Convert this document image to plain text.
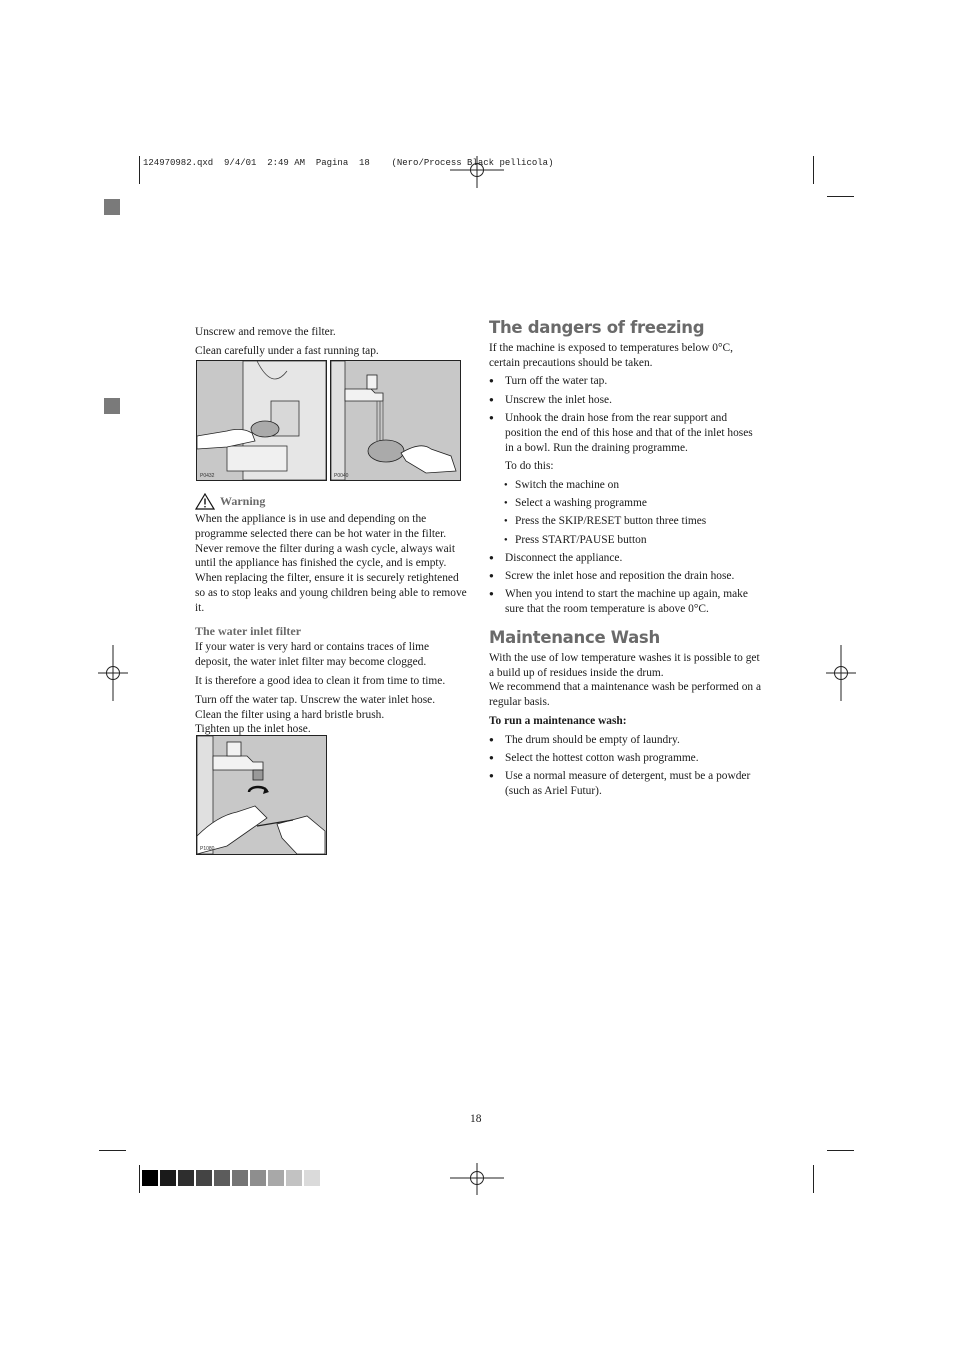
124970982.qxd  9/4/01  2:49 AM  Pagina  18    (Nero/Process Black pellicola)

Unscrew and remove the filter.

Clean carefully under a fast running tap.

P0432	P0040
Warning

When the appliance is in use and depending on the programme selected there can be hot water in the filter. Never remove the filter during a wash cycle, always wait until the appliance has finished the cycle, and is empty. When replacing the filter, ensure it is securely retightened so as to stop leaks and young children being able to remove it.

The water inlet filter

If your water is very hard or contains traces of lime deposit, the water inlet filter may become clogged.

It is therefore a good idea to clean it from time to time.

Turn off the water tap. Unscrew the water inlet hose.
Clean the filter using a hard bristle brush.
Tighten up the inlet hose.

P1080
The dangers of freezing

If the machine is exposed to temperatures below 0°C, certain precautions should be taken.

● Turn off the water tap.
● Unscrew the inlet hose.
● Unhook the drain hose from the rear support and position the end of this hose and that of the inlet hoses in a bowl. Run the draining programme.

To do this:

● Switch the machine on
● Select a washing programme
● Press the SKIP/RESET button three times
● Press START/PAUSE button
● Disconnect the appliance.
● Screw the inlet hose and reposition the drain hose.
● When you intend to start the machine up again, make sure that the room temperature is above 0°C.
Maintenance Wash

With the use of low temperature washes it is possible to get a build up of residues inside the drum.
We recommend that a maintenance wash be performed on a regular basis.

To run a maintenance wash:

● The drum should be empty of laundry.
● Select the hottest cotton wash programme.
● Use a normal measure of detergent, must be a powder (such as Ariel Futur).
18
